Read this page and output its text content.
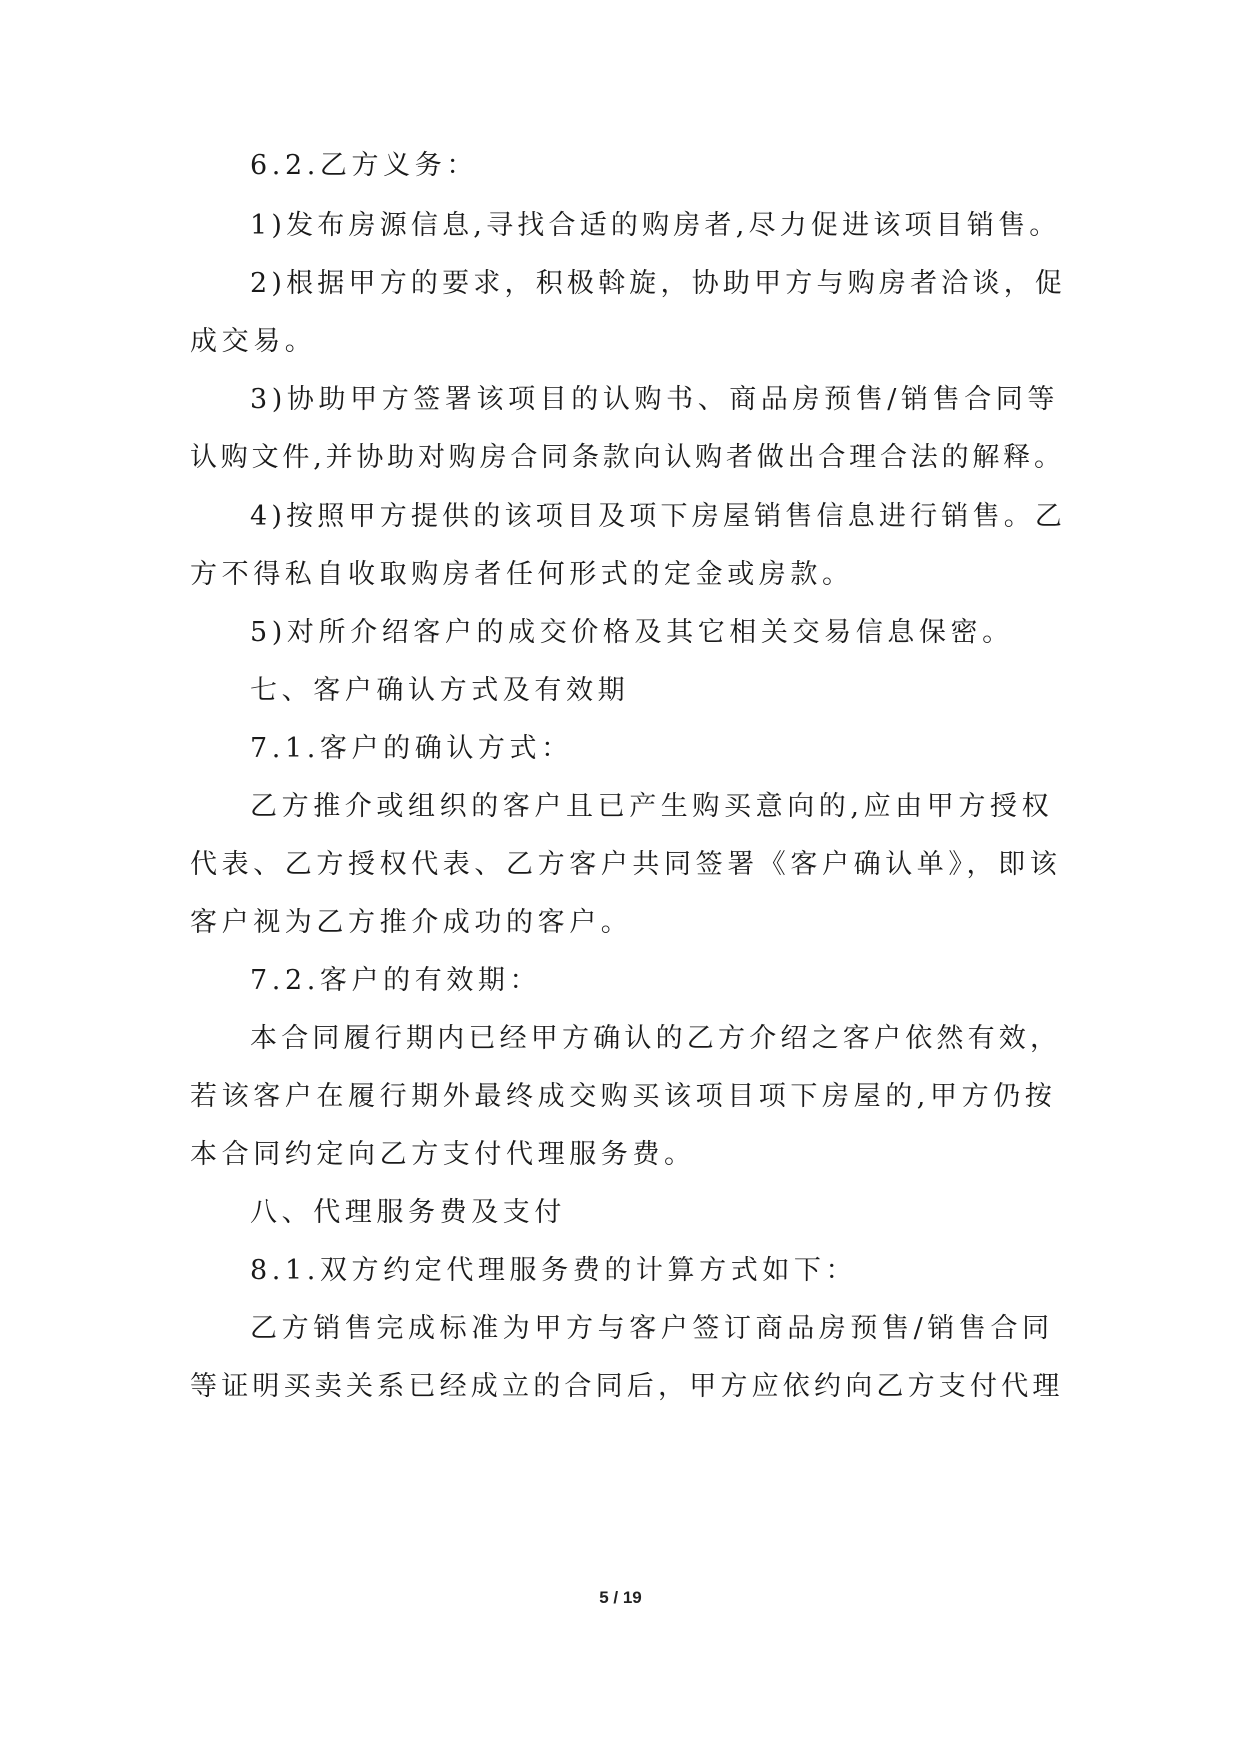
6.2.乙方义务：
1)发布房源信息,寻找合适的购房者,尽力促进该项目销售。
2)根据甲方的要求，积极斡旋，协助甲方与购房者洽谈，促
成交易。
3)协助甲方签署该项目的认购书、商品房预售/销售合同等
认购文件,并协助对购房合同条款向认购者做出合理合法的解释。
4)按照甲方提供的该项目及项下房屋销售信息进行销售。乙
方不得私自收取购房者任何形式的定金或房款。
5)对所介绍客户的成交价格及其它相关交易信息保密。
七、客户确认方式及有效期
7.1.客户的确认方式：
乙方推介或组织的客户且已产生购买意向的,应由甲方授权
代表、乙方授权代表、乙方客户共同签署《客户确认单》，即该
客户视为乙方推介成功的客户。
7.2.客户的有效期：
本合同履行期内已经甲方确认的乙方介绍之客户依然有效，
若该客户在履行期外最终成交购买该项目项下房屋的,甲方仍按
本合同约定向乙方支付代理服务费。
八、代理服务费及支付
8.1.双方约定代理服务费的计算方式如下：
乙方销售完成标准为甲方与客户签订商品房预售/销售合同
等证明买卖关系已经成立的合同后，甲方应依约向乙方支付代理
5 / 19
